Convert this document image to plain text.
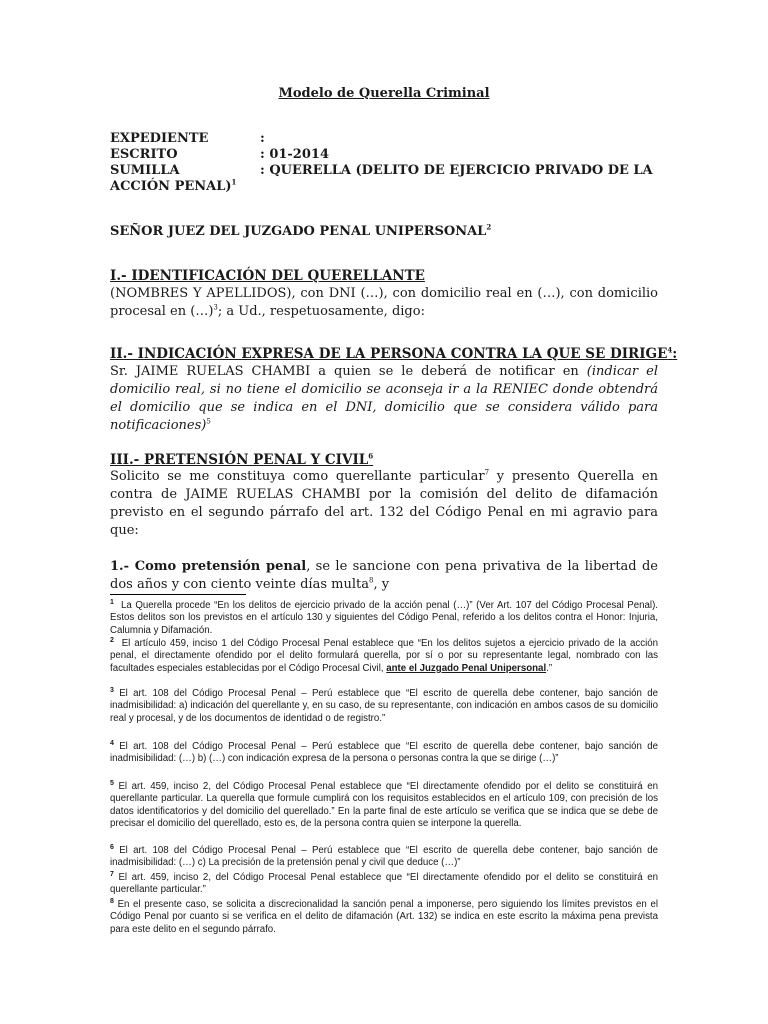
Modelo de Querella Criminal
EXPEDIENTE	:
ESCRITO	: 01-2014
SUMILLA	: QUERELLA (DELITO DE EJERCICIO PRIVADO DE LA
ACCIÓN PENAL)$^1$
SEÑOR JUEZ DEL JUZGADO PENAL UNIPERSONAL$^2$
I.- IDENTIFICACIÓN DEL QUERELLANTE
(NOMBRES Y APELLIDOS), con DNI (…), con domicilio real en (…), con domicilio procesal en (…)$^3$; a Ud., respetuosamente, digo:
II.- INDICACIÓN EXPRESA DE LA PERSONA CONTRA LA QUE SE DIRIGE$^4$:
Sr. JAIME RUELAS CHAMBI a quien se le deberá de notificar en (indicar el domicilio real, si no tiene el domicilio se aconseja ir a la RENIEC donde obtendrá el domicilio que se indica en el DNI, domicilio que se considera válido para notificaciones)$^5$
III.- PRETENSIÓN PENAL Y CIVIL$^6$
Solicito se me constituya como querellante particular$^7$ y presento Querella en contra de JAIME RUELAS CHAMBI por la comisión del delito de difamación previsto en el segundo párrafo del art. 132 del Código Penal en mi agravio para que:
1.- Como pretensión penal, se le sancione con pena privativa de la libertad de dos años y con ciento veinte días multa$^8$, y
$^1$ La Querella procede “En los delitos de ejercicio privado de la acción penal (…)” (Ver Art. 107 del Código Procesal Penal). Estos delitos son los previstos en el artículo 130 y siguientes del Código Penal, referido a los delitos contra el Honor: Injuria, Calumnia y Difamación.
$^2$ El artículo 459, inciso 1 del Código Procesal Penal establece que “En los delitos sujetos a ejercicio privado de la acción penal, el directamente ofendido por el delito formulará querella, por sí o por su representante legal, nombrado con las facultades especiales establecidas por el Código Procesal Civil, ante el Juzgado Penal Unipersonal.”
$^3$ El art. 108 del Código Procesal Penal – Perú establece que “El escrito de querella debe contener, bajo sanción de inadmisibilidad: a) indicación del querellante y, en su caso, de su representante, con indicación en ambos casos de su domicilio real y procesal, y de los documentos de identidad o de registro.”
$^4$ El art. 108 del Código Procesal Penal – Perú establece que “El escrito de querella debe contener, bajo sanción de inadmisibilidad: (…) b) (…) con indicación expresa de la persona o personas contra la que se dirige (…)”
$^5$ El art. 459, inciso 2, del Código Procesal Penal establece que “El directamente ofendido por el delito se constituirá en querellante particular. La querella que formule cumplirá con los requisitos establecidos en el artículo 109, con precisión de los datos identificatorios y del domicilio del querellado.” En la parte final de este artículo se verifica que se indica que se debe de precisar el domicilio del querellado, esto es, de la persona contra quien se interpone la querella.
$^6$ El art. 108 del Código Procesal Penal – Perú establece que “El escrito de querella debe contener, bajo sanción de inadmisibilidad: (…) c) La precisión de la pretensión penal y civil que deduce (…)”
$^7$ El art. 459, inciso 2, del Código Procesal Penal establece que “El directamente ofendido por el delito se constituirá en querellante particular.”
$^8$ En el presente caso, se solicita a discrecionalidad la sanción penal a imponerse, pero siguiendo los límites previstos en el Código Penal por cuanto si se verifica en el delito de difamación (Art. 132) se indica en este escrito la máxima pena prevista para este delito en el segundo párrafo.
